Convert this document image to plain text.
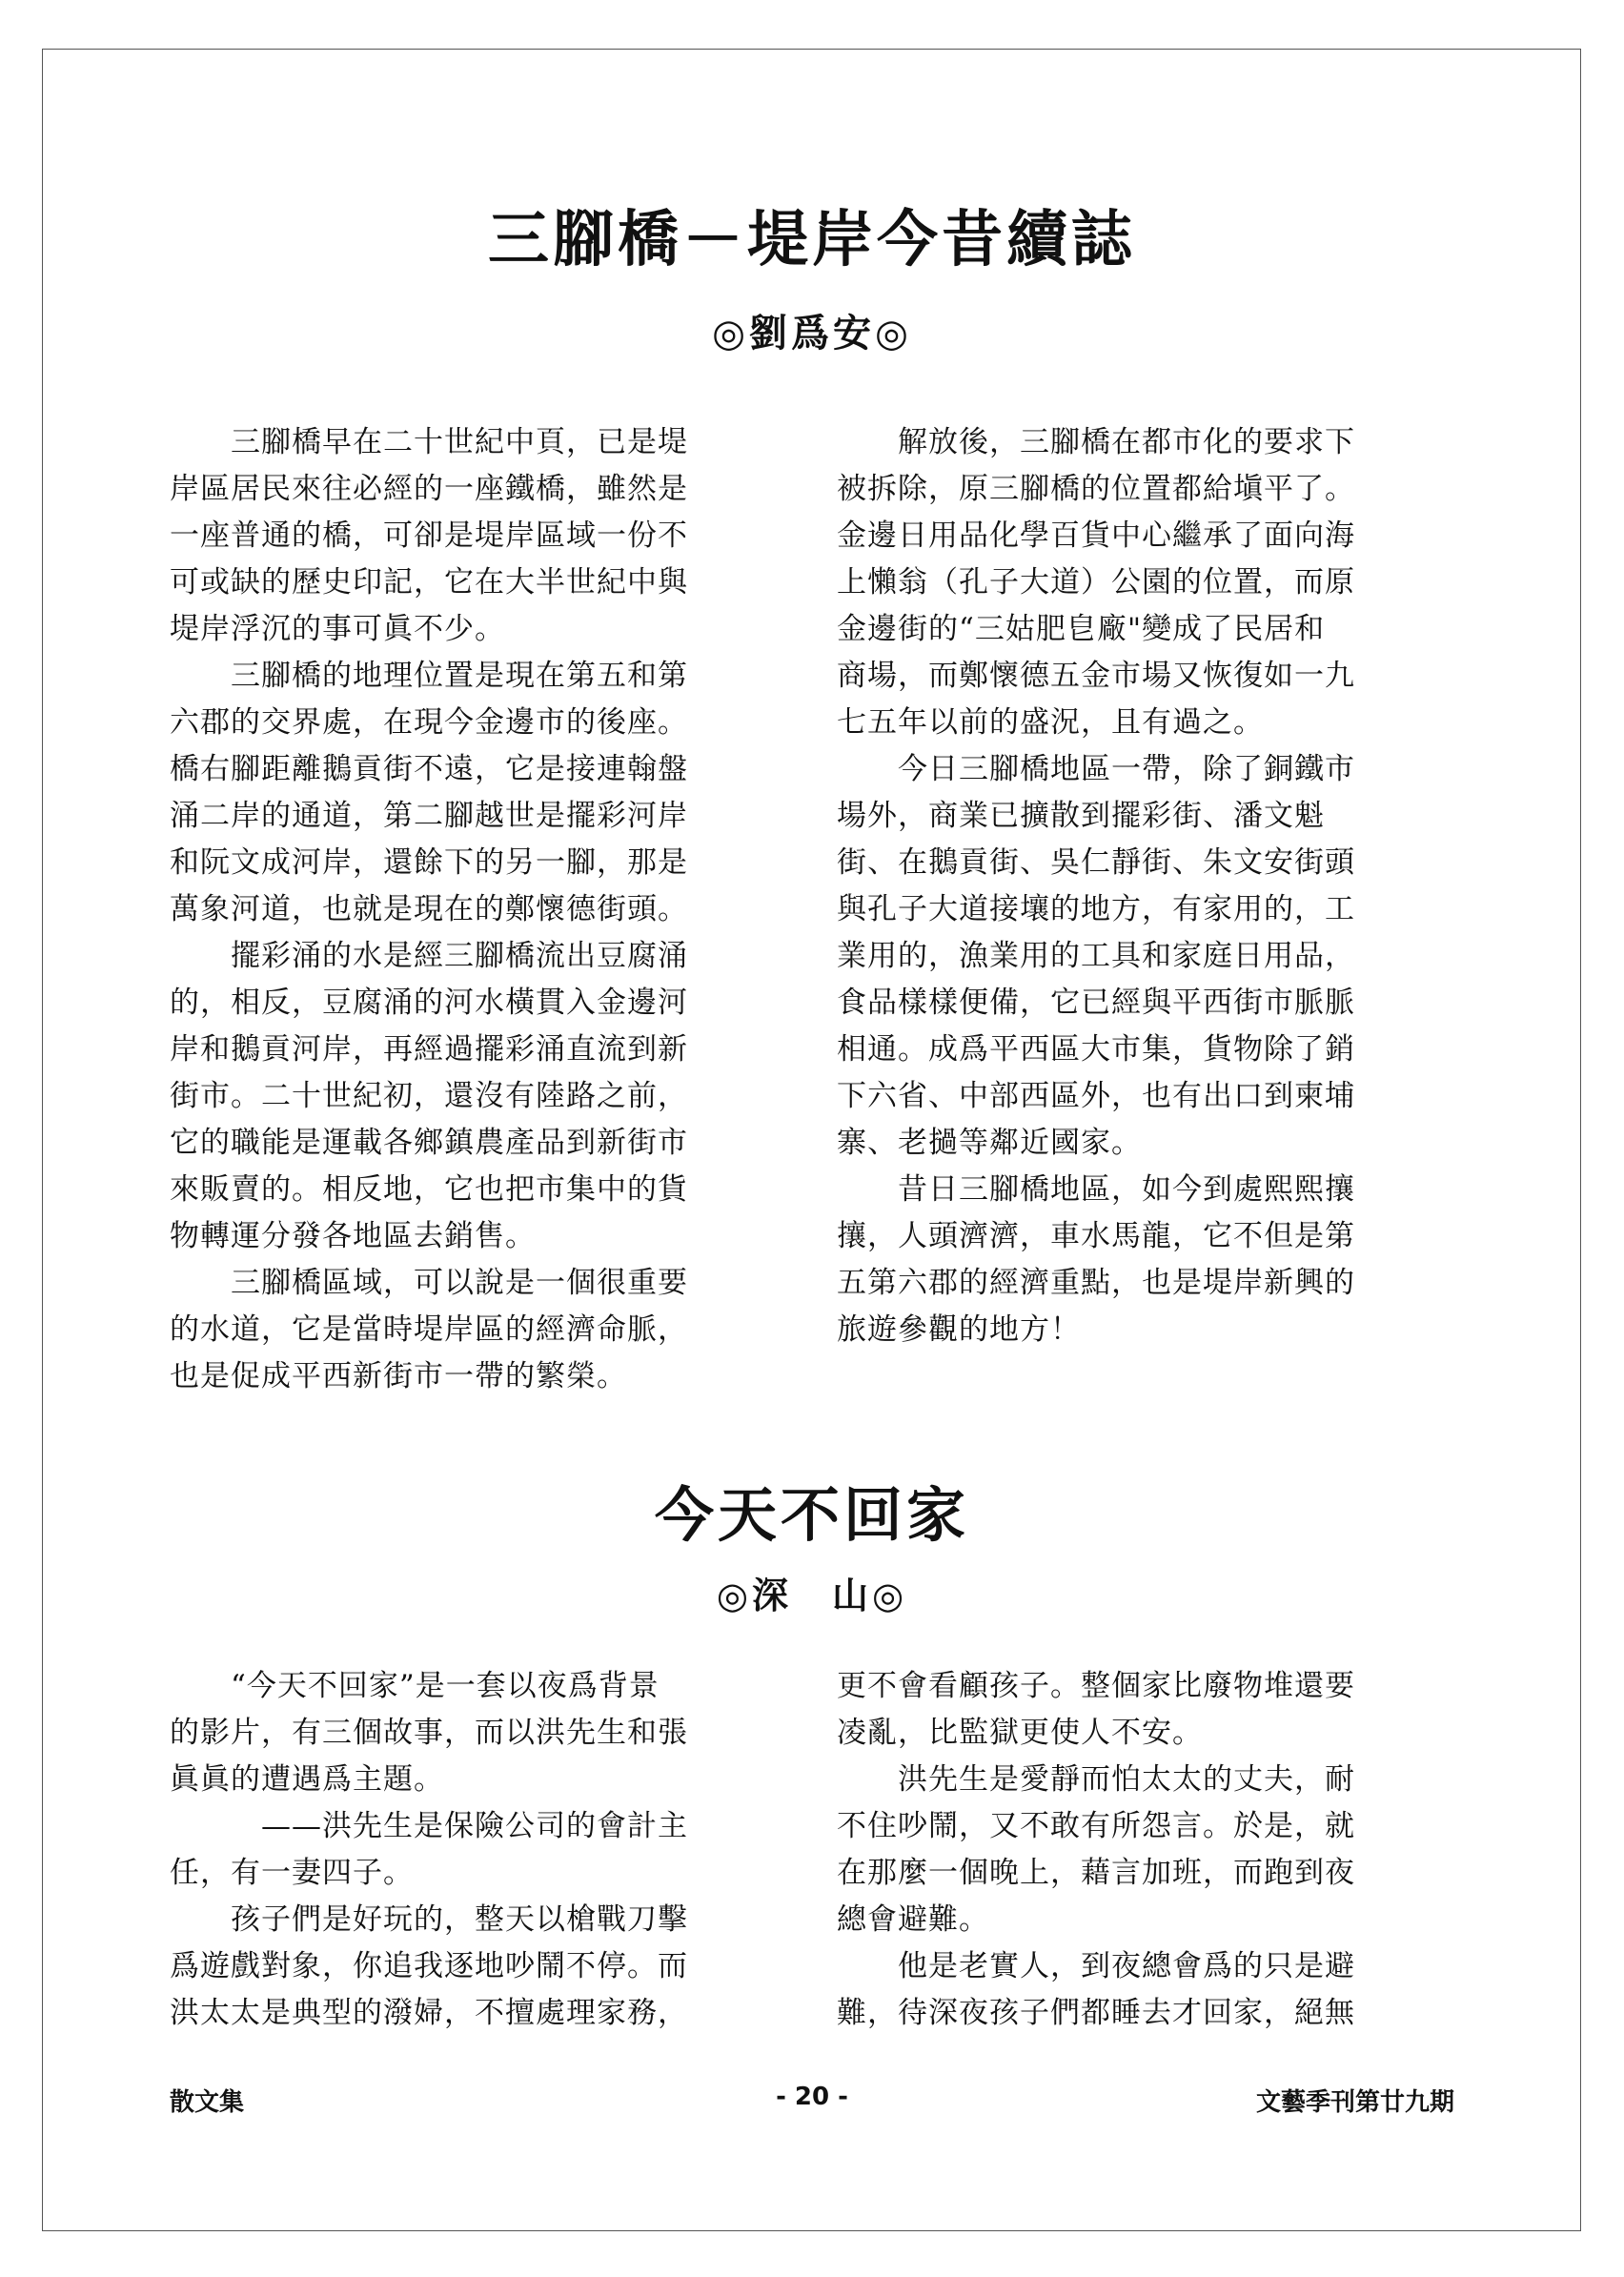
三腳橋－堤岸今昔續誌
◎劉爲安◎

　　三腳橋早在二十世紀中頁，已是堤

岸區居民來往必經的一座鐵橋，雖然是

一座普通的橋，可卻是堤岸區域一份不

可或缺的歷史印記，它在大半世紀中與

堤岸浮沉的事可眞不少。

　　三腳橋的地理位置是現在第五和第

六郡的交界處，在現今金邊市的後座。

橋右腳距離鵝貢街不遠，它是接連翰盤

涌二岸的通道，第二腳越世是擺彩河岸

和阮文成河岸，還餘下的另一腳，那是

萬象河道，也就是現在的鄭懷德街頭。

　　擺彩涌的水是經三腳橋流出豆腐涌

的，相反，豆腐涌的河水橫貫入金邊河

岸和鵝貢河岸，再經過擺彩涌直流到新

街市。二十世紀初，還沒有陸路之前，

它的職能是運載各鄉鎮農產品到新街市

來販賣的。相反地，它也把市集中的貨

物轉運分發各地區去銷售。

　　三腳橋區域，可以說是一個很重要

的水道，它是當時堤岸區的經濟命脈，

也是促成平西新街市一帶的繁榮。

　　解放後，三腳橋在都市化的要求下

被拆除，原三腳橋的位置都給塡平了。

金邊日用品化學百貨中心繼承了面向海

上懶翁（孔子大道）公園的位置，而原

金邊街的“三姑肥皀廠"變成了民居和

商場，而鄭懷德五金市場又恢復如一九

七五年以前的盛況，且有過之。

　　今日三腳橋地區一帶，除了銅鐵市

場外，商業已擴散到擺彩街、潘文魁

街、在鵝貢街、吳仁靜街、朱文安街頭

與孔子大道接壤的地方，有家用的，工

業用的，漁業用的工具和家庭日用品，

食品樣樣便備，它已經與平西街市脈脈

相通。成爲平西區大市集，貨物除了銷

下六省、中部西區外，也有出口到柬埔

寨、老撾等鄰近國家。

　　昔日三腳橋地區，如今到處熙熙攘

攘，人頭濟濟，車水馬龍，它不但是第

五第六郡的經濟重點，也是堤岸新興的

旅遊參觀的地方！

今天不回家
◎深　山◎

　　“今天不回家”是一套以夜爲背景

的影片，有三個故事，而以洪先生和張

眞眞的遭遇爲主題。

　　　——洪先生是保險公司的會計主

任，有一妻四子。

　　孩子們是好玩的，整天以槍戰刀擊

爲遊戲對象，你追我逐地吵鬧不停。而

洪太太是典型的潑婦，不擅處理家務，

更不會看顧孩子。整個家比廢物堆還要

凌亂，比監獄更使人不安。

　　洪先生是愛靜而怕太太的丈夫，耐

不住吵鬧，又不敢有所怨言。於是，就

在那麼一個晚上，藉言加班，而跑到夜

總會避難。

　　他是老實人，到夜總會爲的只是避

難，待深夜孩子們都睡去才回家，絕無

散文集	- 20 -	文藝季刊第廿九期
